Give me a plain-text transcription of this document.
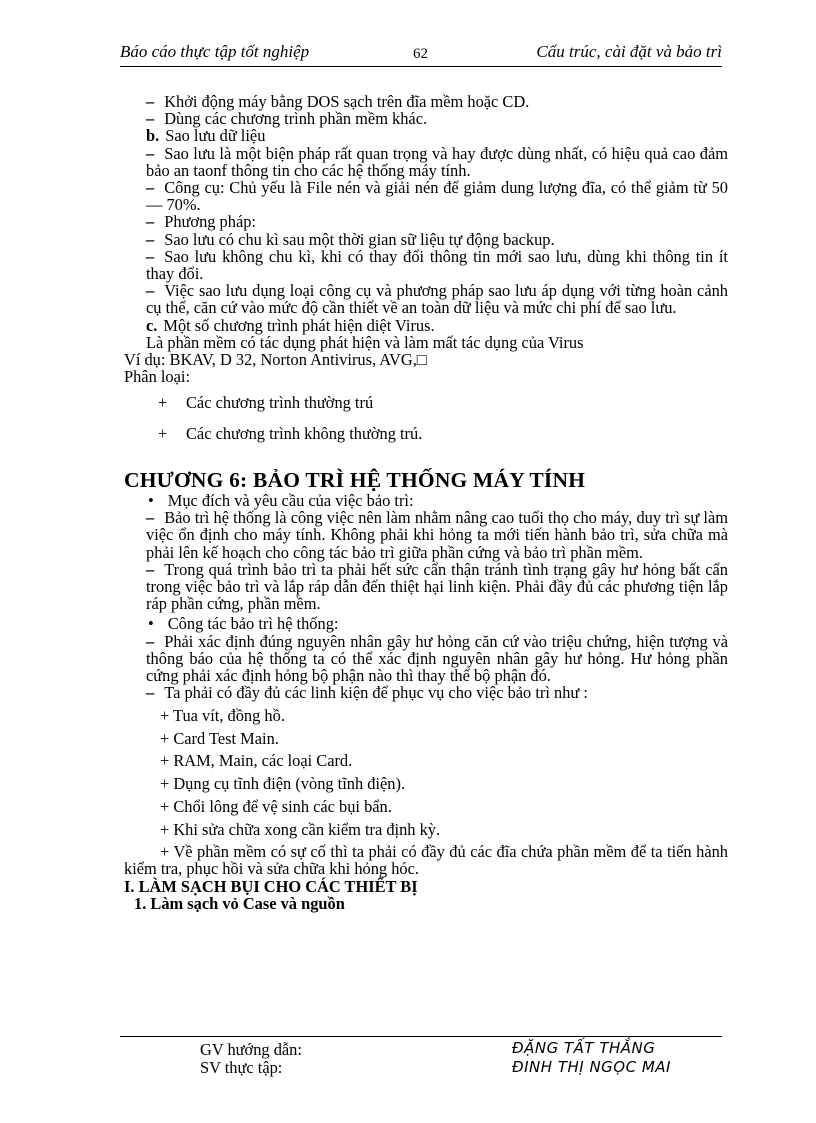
Báo cáo thực tập tốt nghiệp	62	Cấu trúc, cài đặt và bảo trì

– Khởi động máy bằng DOS sạch trên đĩa mềm hoặc CD.

– Dùng các chương trình phần mềm khác.

b. Sao lưu dữ liệu

– Sao lưu là một biện pháp rất quan trọng và hay được dùng nhất, có hiệu quả cao đảm bảo an taonf thông tin cho các hệ thống máy tính.

– Công cụ: Chủ yếu là File nén và giải nén để giảm dung lượng đĩa, có thể giảm từ 50 — 70%.

– Phương pháp:

– Sao lưu có chu kì sau một thời gian sữ liệu tự động backup.

– Sao lưu không chu kì, khi có thay đổi thông tin mới sao lưu, dùng khi thông tin ít thay đổi.

– Việc sao lưu dụng loại công cụ và phương pháp sao lưu áp dụng với từng hoàn cảnh cụ thể, căn cứ vào mức độ cần thiết về an toàn dữ liệu và mức chi phí để sao lưu.

c. Một số chương trình phát hiện diệt Virus.

Là phần mềm có tác dụng phát hiện và làm mất tác dụng của Virus

Ví dụ: BKAV, D 32, Norton Antivirus, AVG,□

Phân loại:

+ Các chương trình thường trú

+ Các chương trình không thường trú.

CHƯƠNG 6: BẢO TRÌ HỆ THỐNG MÁY TÍNH

• Mục đích và yêu cầu của việc bảo trì:

– Bảo trì hệ thống là công việc nên làm nhằm nâng cao tuổi thọ cho máy, duy trì sự làm việc ổn định cho máy tính. Không phải khi hỏng ta mới tiến hành bảo trì, sửa chữa mà phải lên kế hoạch cho công tác bảo trì giữa phần cứng và bảo trì phần mềm.

– Trong quá trình bảo trì ta phải hết sức cẩn thận tránh tình trạng gây hư hỏng bất cẩn trong việc bảo trì và lắp ráp dẫn đến thiệt hại linh kiện. Phải đầy đủ các phương tiện lắp ráp phần cứng, phần mềm.

• Công tác bảo trì hệ thống:

– Phải xác định đúng nguyên nhân gây hư hỏng căn cứ vào triệu chứng, hiện tượng và thông báo của hệ thống ta có thể xác định nguyên nhân gây hư hỏng. Hư hỏng phần cứng phải xác định hỏng bộ phận nào thì thay thế bộ phận đó.

– Ta phải có đầy đủ các linh kiện để phục vụ cho việc bảo trì như :

+ Tua vít, đồng hồ.

+ Card Test Main.

+ RAM, Main, các loại Card.

+ Dụng cụ tĩnh điện (vòng tĩnh điện).

+ Chổi lông để vệ sinh các bụi bẩn.

+ Khi sửa chữa xong cần kiểm tra định kỳ.

+ Về phần mềm có sự cố thì ta phải có đầy đủ các đĩa chứa phần mềm để ta tiến hành kiểm tra, phục hồi và sửa chữa khi hỏng hóc.

I. LÀM SẠCH BỤI CHO CÁC THIẾT BỊ

1. Làm sạch vỏ Case và nguồn

GV hướng dẫn:
SV thực tập:
ĐẶNG TẤT THẮNG
ĐINH THỊ NGỌC MAI
